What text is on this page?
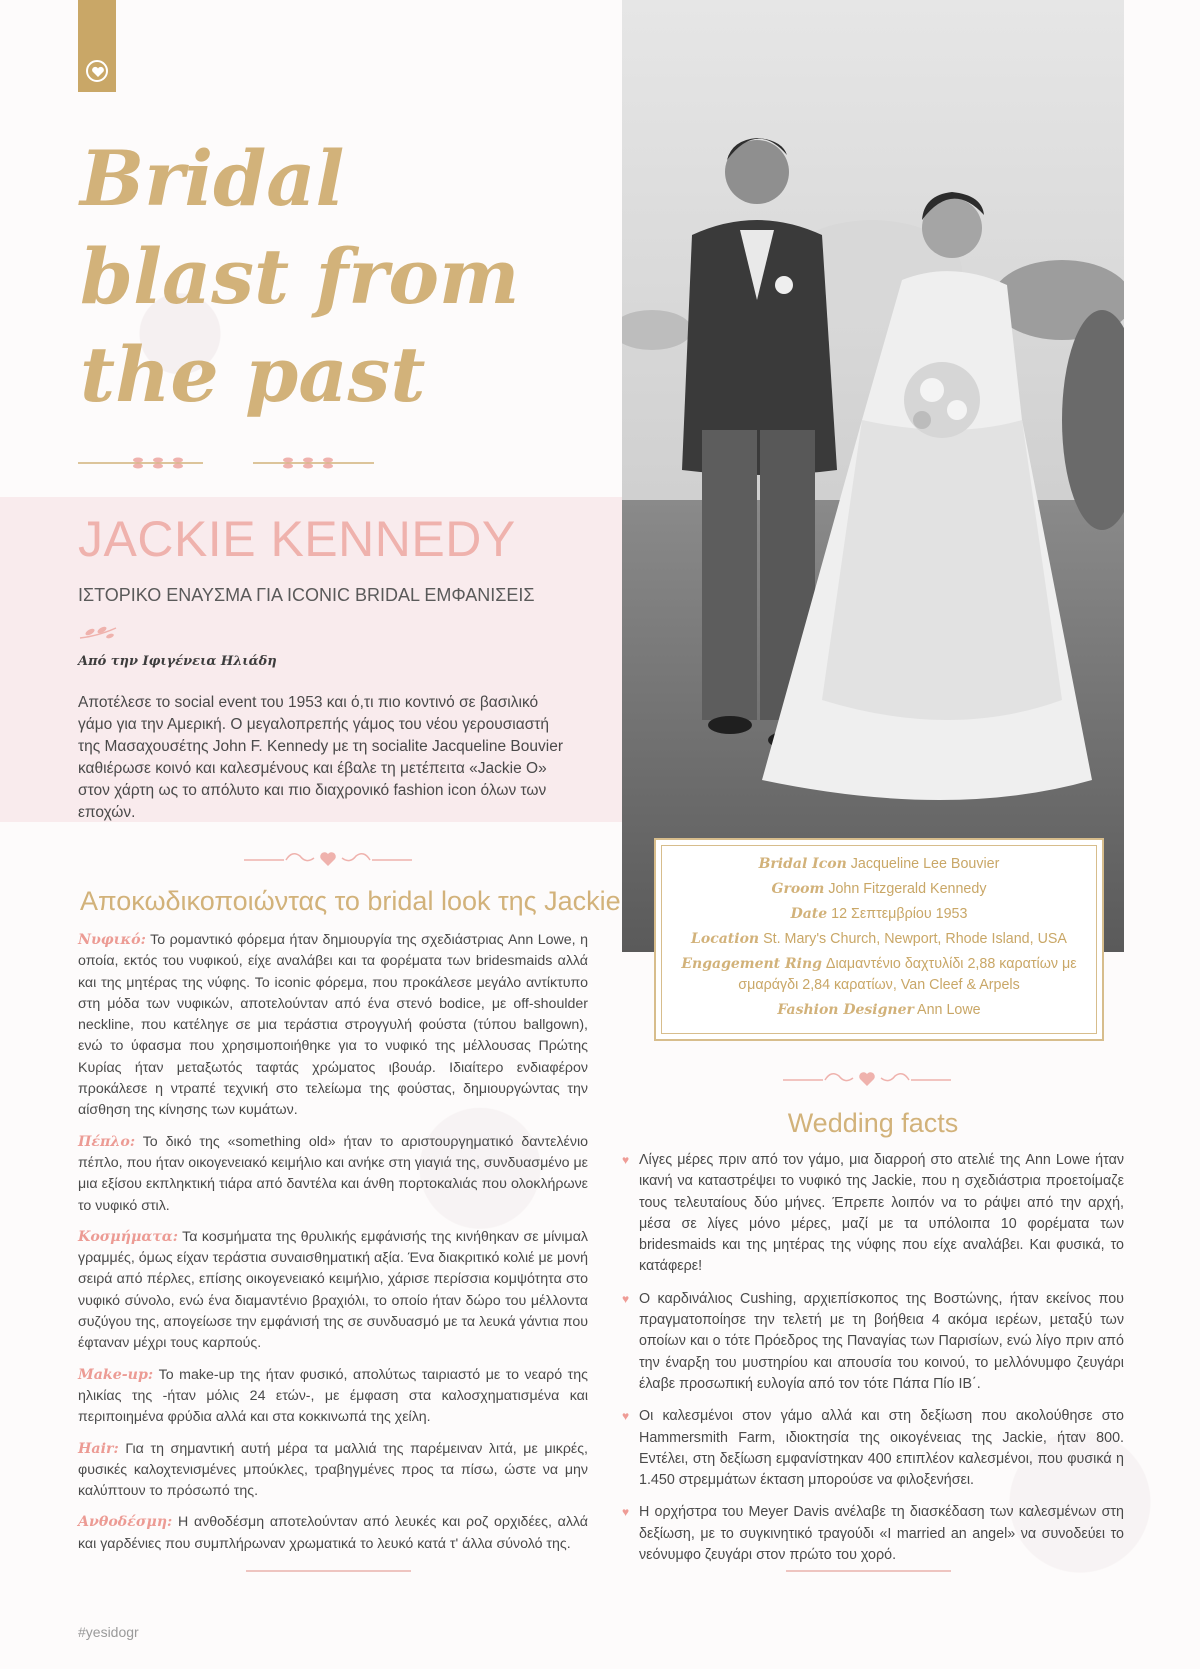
Bridal
blast from
the past
JACKIE KENNEDY
ΙΣΤΟΡΙΚΟ ΕΝΑΥΣΜΑ ΓΙΑ ICONIC BRIDAL ΕΜΦΑΝΙΣΕΙΣ
Από την Ιφιγένεια Ηλιάδη

Αποτέλεσε το social event του 1953 και ό,τι πιο κοντινό σε βασιλικό γάμο για την Αμερική. Ο μεγαλοπρεπής γάμος του νέου γερουσιαστή της Μασαχουσέτης John F. Kennedy με τη socialite Jacqueline Bouvier καθιέρωσε κοινό και καλεσμένους και έβαλε τη μετέπειτα «Jackie O» στον χάρτη ως το απόλυτο και πιο διαχρονικό fashion icon όλων των εποχών.

Αποκωδικοποιώντας το bridal look της Jackie

Νυφικό: Το ρομαντικό φόρεμα ήταν δημιουργία της σχεδιάστριας Ann Lowe, η οποία, εκτός του νυφικού, είχε αναλάβει και τα φορέματα των bridesmaids αλλά και της μητέρας της νύφης. Το iconic φόρεμα, που προκάλεσε μεγάλο αντίκτυπο στη μόδα των νυφικών, αποτελούνταν από ένα στενό bodice, με off-shoulder neckline, που κατέληγε σε μια τεράστια στρογγυλή φούστα (τύπου ballgown), ενώ το ύφασμα που χρησιμοποιήθηκε για το νυφικό της μέλλουσας Πρώτης Κυρίας ήταν μεταξωτός ταφτάς χρώματος ιβουάρ. Ιδιαίτερο ενδιαφέρον προκάλεσε η ντραπέ τεχνική στο τελείωμα της φούστας, δημιουργώντας την αίσθηση της κίνησης των κυμάτων.

Πέπλο: Το δικό της «something old» ήταν το αριστουργηματικό δαντελένιο πέπλο, που ήταν οικογενειακό κειμήλιο και ανήκε στη γιαγιά της, συνδυασμένο με μια εξίσου εκπληκτική τιάρα από δαντέλα και άνθη πορτοκαλιάς που ολοκλήρωνε το νυφικό στιλ.

Κοσμήματα: Τα κοσμήματα της θρυλικής εμφάνισής της κινήθηκαν σε μίνιμαλ γραμμές, όμως είχαν τεράστια συναισθηματική αξία. Ένα διακριτικό κολιέ με μονή σειρά από πέρλες, επίσης οικογενειακό κειμήλιο, χάρισε περίσσια κομψότητα στο νυφικό σύνολο, ενώ ένα διαμαντένιο βραχιόλι, το οποίο ήταν δώρο του μέλλοντα συζύγου της, απογείωσε την εμφάνισή της σε συνδυασμό με τα λευκά γάντια που έφταναν μέχρι τους καρπούς.

Make-up: Το make-up της ήταν φυσικό, απολύτως ταιριαστό με το νεαρό της ηλικίας της -ήταν μόλις 24 ετών-, με έμφαση στα καλοσχηματισμένα και περιποιημένα φρύδια αλλά και στα κοκκινωπά της χείλη.

Hair: Για τη σημαντική αυτή μέρα τα μαλλιά της παρέμειναν λιτά, με μικρές, φυσικές καλοχτενισμένες μπούκλες, τραβηγμένες προς τα πίσω, ώστε να μην καλύπτουν το πρόσωπό της.

Ανθοδέσμη: Η ανθοδέσμη αποτελούνταν από λευκές και ροζ ορχιδέες, αλλά και γαρδένιες που συμπλήρωναν χρωματικά το λευκό κατά τ' άλλα σύνολό της.

Bridal Icon Jacqueline Lee Bouvier
Groom John Fitzgerald Kennedy
Date 12 Σεπτεμβρίου 1953
Location St. Mary's Church, Newport, Rhode Island, USA
Engagement Ring Διαμαντένιο δαχτυλίδι 2,88 καρατίων με σμαράγδι 2,84 καρατίων, Van Cleef & Arpels
Fashion Designer Ann Lowe
Wedding facts
♥ Λίγες μέρες πριν από τον γάμο, μια διαρροή στο ατελιέ της Ann Lowe ήταν ικανή να καταστρέψει το νυφικό της Jackie, που η σχεδιάστρια προετοίμαζε τους τελευταίους δύο μήνες. Έπρεπε λοιπόν να το ράψει από την αρχή, μέσα σε λίγες μόνο μέρες, μαζί με τα υπόλοιπα 10 φορέματα των bridesmaids και της μητέρας της νύφης που είχε αναλάβει. Και φυσικά, το κατάφερε!
♥ Ο καρδινάλιος Cushing, αρχιεπίσκοπος της Βοστώνης, ήταν εκείνος που πραγματοποίησε την τελετή με τη βοήθεια 4 ακόμα ιερέων, μεταξύ των οποίων και ο τότε Πρόεδρος της Παναγίας των Παρισίων, ενώ λίγο πριν από την έναρξη του μυστηρίου και απουσία του κοινού, το μελλόνυμφο ζευγάρι έλαβε προσωπική ευλογία από τον τότε Πάπα Πίο ΙΒ΄.
♥ Οι καλεσμένοι στον γάμο αλλά και στη δεξίωση που ακολούθησε στο Hammersmith Farm, ιδιοκτησία της οικογένειας της Jackie, ήταν 800. Εντέλει, στη δεξίωση εμφανίστηκαν 400 επιπλέον καλεσμένοι, που φυσικά η 1.450 στρεμμάτων έκταση μπορούσε να φιλοξενήσει.
♥ Η ορχήστρα του Meyer Davis ανέλαβε τη διασκέδαση των καλεσμένων στη δεξίωση, με το συγκινητικό τραγούδι «I married an angel» να συνοδεύει το νεόνυμφο ζευγάρι στον πρώτο του χορό.
#yesidogr
